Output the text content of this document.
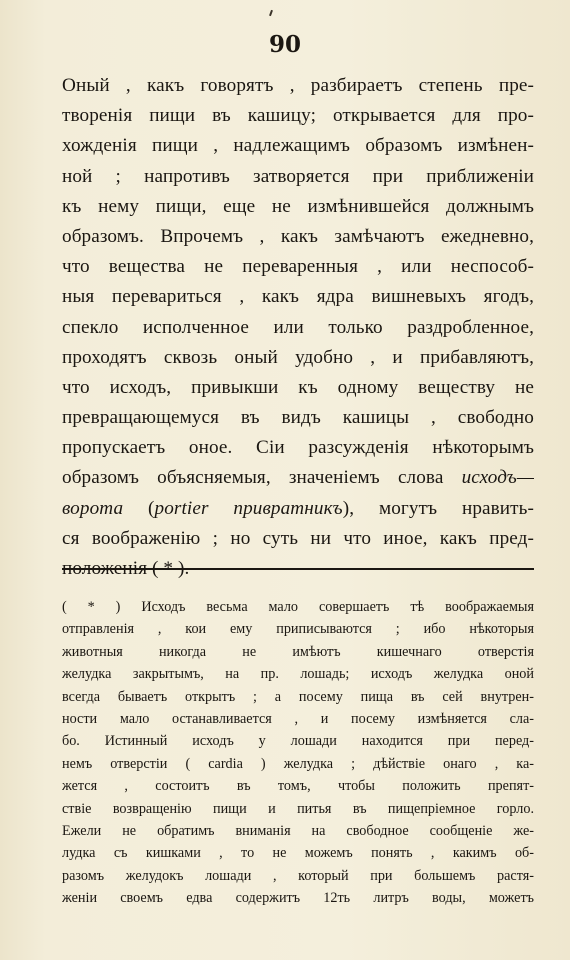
90
Оный , какъ говорятъ , разбираетъ степень пре-
творенія пищи въ кашицу; открывается для про-
хожденія пищи , надлежащимъ образомъ измѣнен-
ной ; напротивъ затворяется при приближеніи
къ нему пищи, еще не измѣнившейся должнымъ
образомъ. Впрочемъ , какъ замѣчаютъ ежедневно,
что вещества не переваренныя , или неспособ-
ныя перевариться , какъ ядра вишневыхъ ягодъ,
спекло исполченное или только раздробленное,
проходятъ сквозь оный удобно , и прибавляютъ,
что исходъ, привыкши къ одному веществу не
превращающемуся въ видъ кашицы , свободно
пропускаетъ оное. Сіи разсужденія нѣкоторымъ
образомъ объясняемыя, значеніемъ слова исходъ—
ворота (portier привратникъ), могутъ нравить-
ся воображенію ; но суть ни что иное, какъ пред-
положенія ( * ).
( * ) Исходъ весьма мало совершаетъ тѣ воображаемыя
отправленія , кои ему приписываются ; ибо нѣкоторыя
животныя никогда не имѣютъ кишечнаго отверстія
желудка закрытымъ, на пр. лошадь; исходъ желудка оной
всегда бываетъ открытъ ; а посему пища въ сей внутрен-
ности мало останавливается , и посему измѣняется сла-
бо. Истинный исходъ у лошади находится при перед-
немъ отверстіи ( cardia ) желудка ; дѣйствіе онаго , ка-
жется , состоитъ въ томъ, чтобы положить препят-
ствіе возвращенію пищи и питья въ пищепріемное горло.
Ежели не обратимъ вниманія на свободное сообщеніе же-
лудка съ кишками , то не можемъ понять , какимъ об-
разомъ желудокъ лошади , который при большемъ растя-
женіи своемъ едва содержитъ 12ть литръ воды, можетъ
